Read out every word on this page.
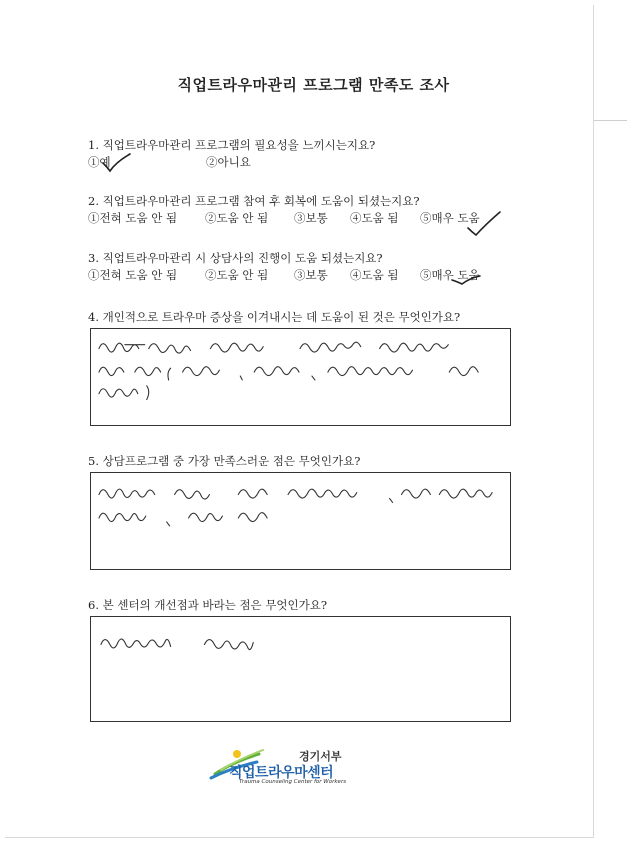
직업트라우마관리 프로그램 만족도 조사
1. 직업트라우마관리 프로그램의 필요성을 느끼시는지요?
①예	②아니요
2. 직업트라우마관리 프로그램 참여 후 회복에 도움이 되셨는지요?
①전혀 도움 안 됨 ②도움 안 됨 ③보통 ④도움 됨 ⑤매우 도움
3. 직업트라우마관리 시 상담사의 진행이 도움 되셨는지요?
①전혀 도움 안 됨 ②도움 안 됨 ③보통 ④도움 됨 ⑤매우 도움
4. 개인적으로 트라우마 증상을 이겨내시는 데 도움이 된 것은 무엇인가요?
5. 상담프로그램 중 가장 만족스러운 점은 무엇인가요?
6. 본 센터의 개선점과 바라는 점은 무엇인가요?
경기서부
직업트라우마센터
Trauma Counseling Center for Workers
